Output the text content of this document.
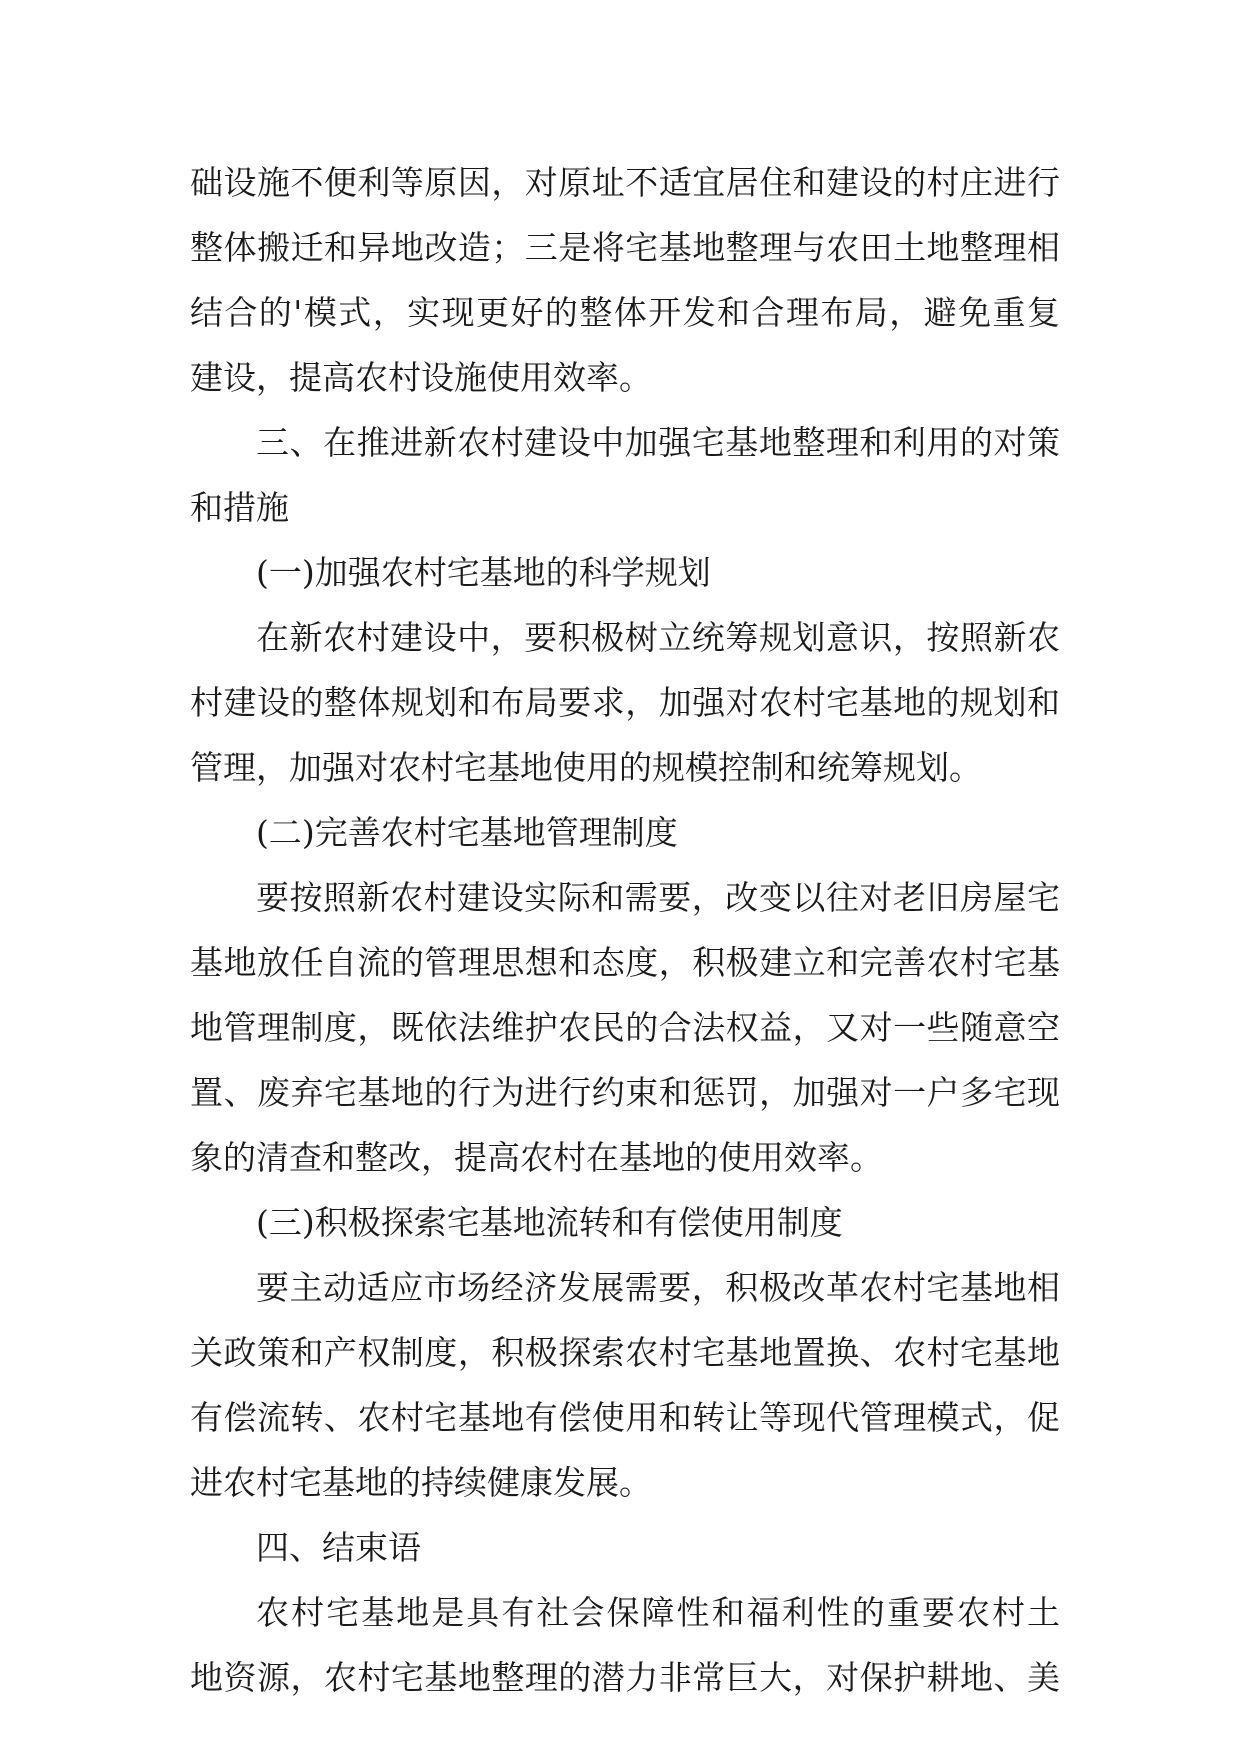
础设施不便利等原因，对原址不适宜居住和建设的村庄进行
整体搬迁和异地改造；三是将宅基地整理与农田土地整理相
结合的'模式，实现更好的整体开发和合理布局，避免重复
建设，提高农村设施使用效率。
三、在推进新农村建设中加强宅基地整理和利用的对策
和措施
(一)加强农村宅基地的科学规划
在新农村建设中，要积极树立统筹规划意识，按照新农
村建设的整体规划和布局要求，加强对农村宅基地的规划和
管理，加强对农村宅基地使用的规模控制和统筹规划。
(二)完善农村宅基地管理制度
要按照新农村建设实际和需要，改变以往对老旧房屋宅
基地放任自流的管理思想和态度，积极建立和完善农村宅基
地管理制度，既依法维护农民的合法权益，又对一些随意空
置、废弃宅基地的行为进行约束和惩罚，加强对一户多宅现
象的清查和整改，提高农村在基地的使用效率。
(三)积极探索宅基地流转和有偿使用制度
要主动适应市场经济发展需要，积极改革农村宅基地相
关政策和产权制度，积极探索农村宅基地置换、农村宅基地
有偿流转、农村宅基地有偿使用和转让等现代管理模式，促
进农村宅基地的持续健康发展。
四、结束语
农村宅基地是具有社会保障性和福利性的重要农村土
地资源，农村宅基地整理的潜力非常巨大，对保护耕地、美
